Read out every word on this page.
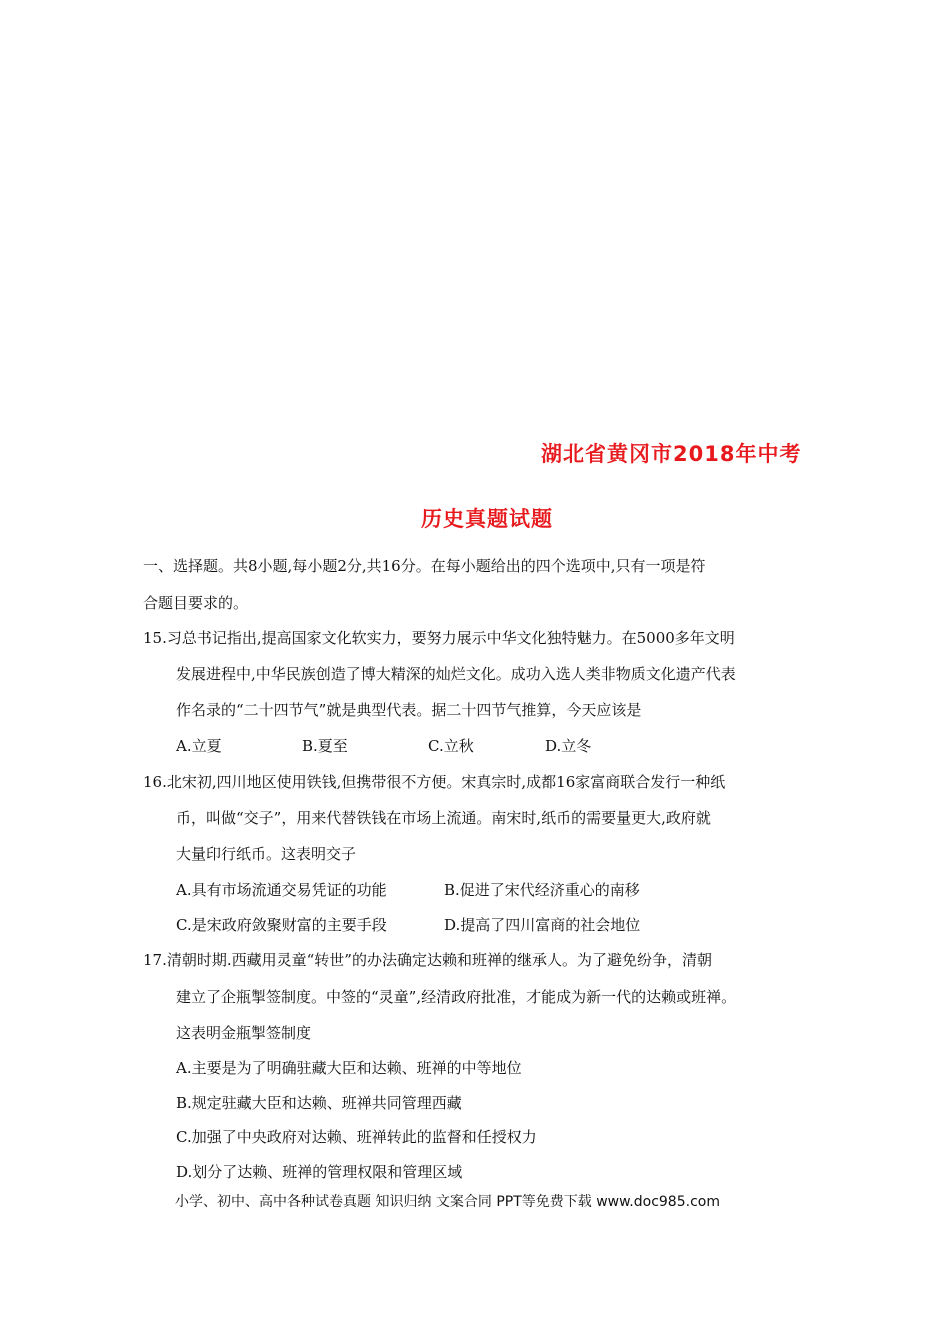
湖北省黄冈市2018年中考
历史真题试题
一、选择题。共8小题,每小题2分,共16分。在每小题给出的四个选项中,只有一项是符
合题目要求的。
15.习总书记指出,提高国家文化软实力，要努力展示中华文化独特魅力。在5000多年文明
发展进程中,中华民族创造了博大精深的灿烂文化。成功入选人类非物质文化遗产代表
作名录的“二十四节气”就是典型代表。据二十四节气推算，今天应该是
A.立夏	B.夏至	C.立秋	D.立冬
16.北宋初,四川地区使用铁钱,但携带很不方便。宋真宗时,成都16家富商联合发行一种纸
币，叫做“交子”，用来代替铁钱在市场上流通。南宋时,纸币的需要量更大,政府就
大量印行纸币。这表明交子
A.具有市场流通交易凭证的功能	B.促进了宋代经济重心的南移
C.是宋政府敛聚财富的主要手段	D.提高了四川富商的社会地位
17.清朝时期.西藏用灵童“转世”的办法确定达赖和班禅的继承人。为了避免纷争，清朝
建立了企瓶掣签制度。中签的“灵童”,经清政府批准，才能成为新一代的达赖或班禅。
这表明金瓶掣签制度
A.主要是为了明确驻藏大臣和达赖、班禅的中等地位
B.规定驻藏大臣和达赖、班禅共同管理西藏
C.加强了中央政府对达赖、班禅转此的监督和任授权力
D.划分了达赖、班禅的管理权限和管理区域
小学、初中、高中各种试卷真题 知识归纳 文案合同 PPT等免费下载 www.doc985.com
